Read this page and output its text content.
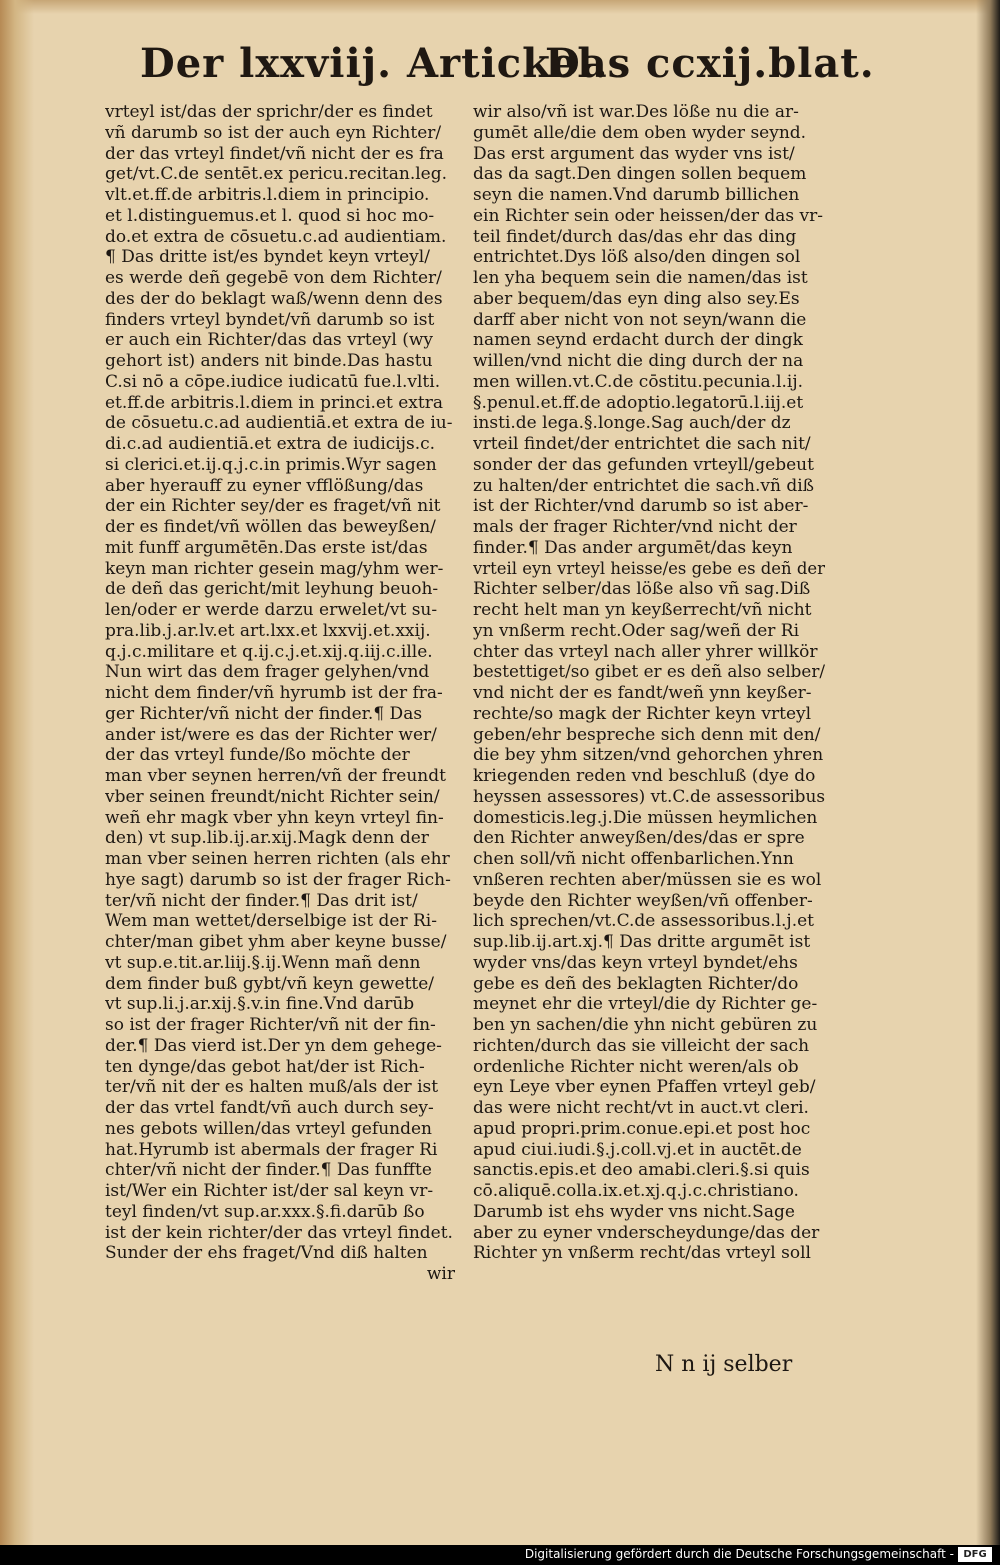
Der lxxviij. Artickel.
Das ccxij.blat.
vrteyl ist/das der sprichr/der es findet
vñ darumb so ist der auch eyn Richter/
der das vrteyl findet/vñ nicht der es fra
get/vt.C.de sentēt.ex pericu.recitan.leg.
vlt.et.ff.de arbitris.l.diem in principio.
et l.distinguemus.et l. quod si hoc mo-
do.et extra de cōsuetu.c.ad audientiam.
¶ Das dritte ist/es byndet keyn vrteyl/
es werde deñ gegebē von dem Richter/
des der do beklagt waß/wenn denn des
finders vrteyl byndet/vñ darumb so ist
er auch ein Richter/das das vrteyl (wy
gehort ist) anders nit binde.Das hastu
C.si nō a cōpe.iudice iudicatū fue.l.vlti.
et.ff.de arbitris.l.diem in princi.et extra
de cōsuetu.c.ad audientiā.et extra de iu-
di.c.ad audientiā.et extra de iudicijs.c.
si clerici.et.ij.q.j.c.in primis.Wyr sagen
aber hyerauff zu eyner vfflößung/das
der ein Richter sey/der es fraget/vñ nit
der es findet/vñ wöllen das beweyßen/
mit funff argumētēn.Das erste ist/das
keyn man richter gesein mag/yhm wer-
de deñ das gericht/mit leyhung beuoh-
len/oder er werde darzu erwelet/vt su-
pra.lib.j.ar.lv.et art.lxx.et lxxvij.et.xxij.
q.j.c.militare et q.ij.c.j.et.xij.q.iij.c.ille.
Nun wirt das dem frager gelyhen/vnd
nicht dem finder/vñ hyrumb ist der fra-
ger Richter/vñ nicht der finder.¶ Das
ander ist/were es das der Richter wer/
der das vrteyl funde/ßo möchte der
man vber seynen herren/vñ der freundt
vber seinen freundt/nicht Richter sein/
weñ ehr magk vber yhn keyn vrteyl fin-
den) vt sup.lib.ij.ar.xij.Magk denn der
man vber seinen herren richten (als ehr
hye sagt) darumb so ist der frager Rich-
ter/vñ nicht der finder.¶ Das drit ist/
Wem man wettet/derselbige ist der Ri-
chter/man gibet yhm aber keyne busse/
vt sup.e.tit.ar.liij.§.ij.Wenn mañ denn
dem finder buß gybt/vñ keyn gewette/
vt sup.li.j.ar.xij.§.v.in fine.Vnd darūb
so ist der frager Richter/vñ nit der fin-
der.¶ Das vierd ist.Der yn dem gehege-
ten dynge/das gebot hat/der ist Rich-
ter/vñ nit der es halten muß/als der ist
der das vrtel fandt/vñ auch durch sey-
nes gebots willen/das vrteyl gefunden
hat.Hyrumb ist abermals der frager Ri
chter/vñ nicht der finder.¶ Das funffte
ist/Wer ein Richter ist/der sal keyn vr-
teyl finden/vt sup.ar.xxx.§.fi.darūb ßo
ist der kein richter/der das vrteyl findet.
Sunder der ehs fraget/Vnd diß halten
wir
wir also/vñ ist war.Des löße nu die ar-
gumēt alle/die dem oben wyder seynd.
Das erst argument das wyder vns ist/
das da sagt.Den dingen sollen bequem
seyn die namen.Vnd darumb billichen
ein Richter sein oder heissen/der das vr-
teil findet/durch das/das ehr das ding
entrichtet.Dys löß also/den dingen sol
len yha bequem sein die namen/das ist
aber bequem/das eyn ding also sey.Es
darff aber nicht von not seyn/wann die
namen seynd erdacht durch der dingk
willen/vnd nicht die ding durch der na
men willen.vt.C.de cōstitu.pecunia.l.ij.
§.penul.et.ff.de adoptio.legatorū.l.iij.et
insti.de lega.§.longe.Sag auch/der dz
vrteil findet/der entrichtet die sach nit/
sonder der das gefunden vrteyll/gebeut
zu halten/der entrichtet die sach.vñ diß
ist der Richter/vnd darumb so ist aber-
mals der frager Richter/vnd nicht der
finder.¶ Das ander argumēt/das keyn
vrteil eyn vrteyl heisse/es gebe es deñ der
Richter selber/das löße also vñ sag.Diß
recht helt man yn keyßerrecht/vñ nicht
yn vnßerm recht.Oder sag/weñ der Ri
chter das vrteyl nach aller yhrer willkör
bestettiget/so gibet er es deñ also selber/
vnd nicht der es fandt/weñ ynn keyßer-
rechte/so magk der Richter keyn vrteyl
geben/ehr bespreche sich denn mit den/
die bey yhm sitzen/vnd gehorchen yhren
kriegenden reden vnd beschluß (dye do
heyssen assessores) vt.C.de assessoribus
domesticis.leg.j.Die müssen heymlichen
den Richter anweyßen/des/das er spre
chen soll/vñ nicht offenbarlichen.Ynn
vnßeren rechten aber/müssen sie es wol
beyde den Richter weyßen/vñ offenber-
lich sprechen/vt.C.de assessoribus.l.j.et
sup.lib.ij.art.xj.¶ Das dritte argumēt ist
wyder vns/das keyn vrteyl byndet/ehs
gebe es deñ des beklagten Richter/do
meynet ehr die vrteyl/die dy Richter ge-
ben yn sachen/die yhn nicht gebüren zu
richten/durch das sie villeicht der sach
ordenliche Richter nicht weren/als ob
eyn Leye vber eynen Pfaffen vrteyl geb/
das were nicht recht/vt in auct.vt cleri.
apud propri.prim.conue.epi.et post hoc
apud ciui.iudi.§.j.coll.vj.et in auctēt.de
sanctis.epis.et deo amabi.cleri.§.si quis
cō.aliquē.colla.ix.et.xj.q.j.c.christiano.
Darumb ist ehs wyder vns nicht.Sage
aber zu eyner vnderscheydunge/das der
Richter yn vnßerm recht/das vrteyl soll
N n ij selber
Digitalisierung gefördert durch die Deutsche Forschungsgemeinschaft - DFG
